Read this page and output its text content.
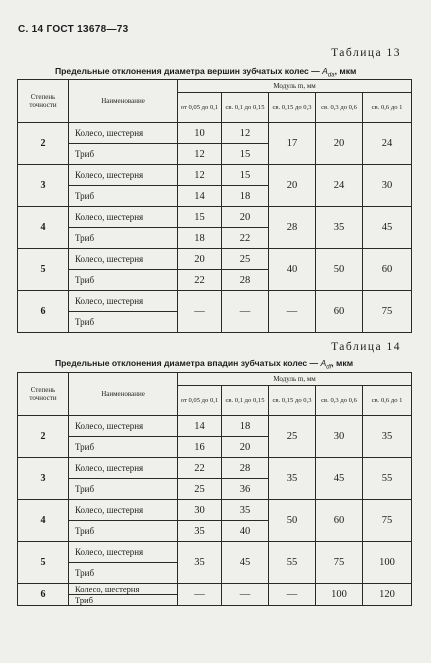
С. 14 ГОСТ 13678—73
Таблица 13
Предельные отклонения диаметра вершин зубчатых колес — $A_{da}$, мкм
Степень точности	Наименование	Модуль m, мм				
		от 0,05 до 0,1	св. 0,1 до 0,15	св. 0,15 до 0,3	св. 0,3 до 0,6	св. 0,6 до 1
2	Колесо, шестерня	10	12	17	20	24
	Триб	12	15			
3	Колесо, шестерня	12	15	20	24	30
	Триб	14	18			
4	Колесо, шестерня	15	20	28	35	45
	Триб	18	22			
5	Колесо, шестерня	20	25	40	50	60
	Триб	22	28			
6	Колесо, шестерня	—	—	—	60	75
	Триб					
Таблица 14
Предельные отклонения диаметра впадин зубчатых колес — $A_{df}$, мкм
Степень точности	Наименование	Модуль m, мм				
		от 0,05 до 0,1	св. 0,1 до 0,15	св. 0,15 до 0,3	св. 0,3 до 0,6	св. 0,6 до 1
2	Колесо, шестерня	14	18	25	30	35
	Триб	16	20			
3	Колесо, шестерня	22	28	35	45	55
	Триб	25	36			
4	Колесо, шестерня	30	35	50	60	75
	Триб	35	40			
5	Колесо, шестерня	35	45	55	75	100
	Триб					
6	Колесо, шестерня	—	—	—	100	120
	Триб					
